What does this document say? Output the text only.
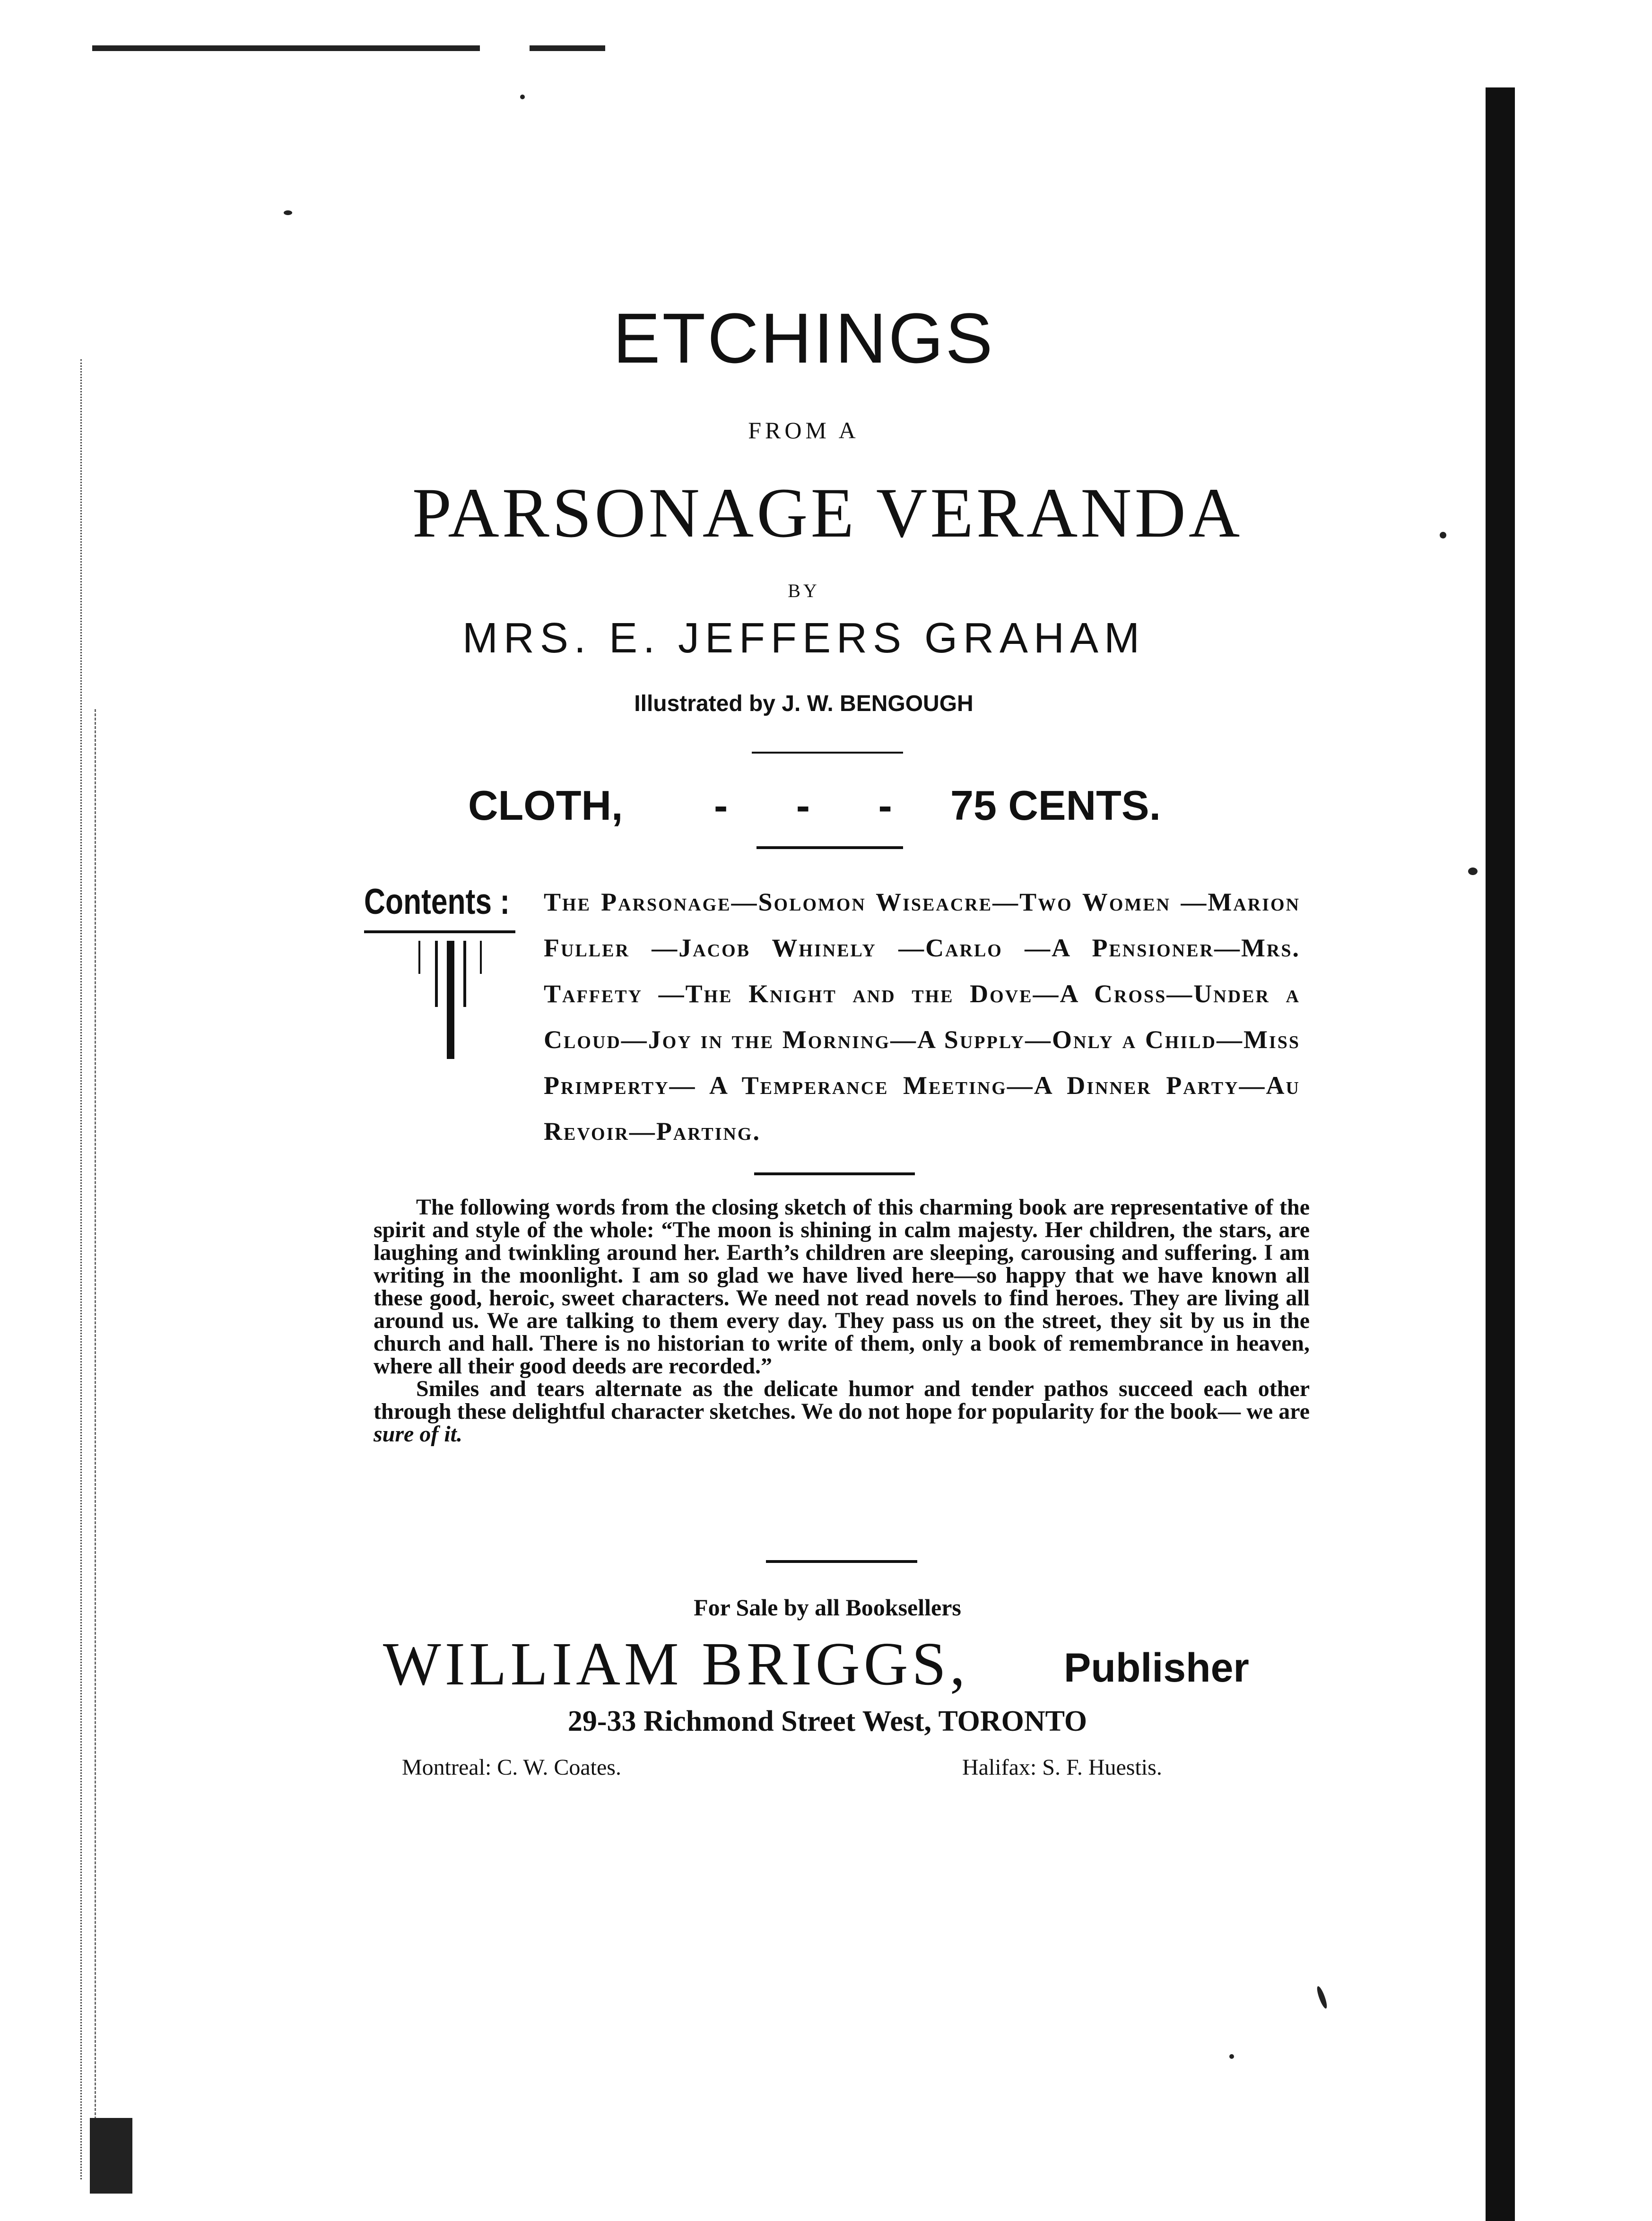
ETCHINGS
FROM A
PARSONAGE VERANDA
BY
MRS. E. JEFFERS GRAHAM
Illustrated by J. W. BENGOUGH
CLOTH, - - - 75 CENTS.
Contents :	The Parsonage—Solomon Wiseacre—Two Women —Marion Fuller —Jacob Whinely —Carlo —A Pensioner—Mrs. Taffety —The Knight and the Dove—A Cross—Under a Cloud—Joy in the Morning—A Supply—Only a Child—Miss Primperty— A Temperance Meeting—A Dinner Party—Au Revoir—Parting.

The following words from the closing sketch of this charming book are representative of the spirit and style of the whole: “The moon is shining in calm majesty. Her children, the stars, are laughing and twinkling around her. Earth’s children are sleeping, carousing and suffering. I am writing in the moonlight. I am so glad we have lived here—so happy that we have known all these good, heroic, sweet characters. We need not read novels to find heroes. They are living all around us. We are talking to them every day. They pass us on the street, they sit by us in the church and hall. There is no historian to write of them, only a book of remembrance in heaven, where all their good deeds are recorded.”

Smiles and tears alternate as the delicate humor and tender pathos succeed each other through these delightful character sketches. We do not hope for popularity for the book— we are sure of it.

For Sale by all Booksellers
WILLIAM BRIGGS, Publisher
29-33 Richmond Street West, TORONTO
Montreal: C. W. Coates.	Halifax: S. F. Huestis.
